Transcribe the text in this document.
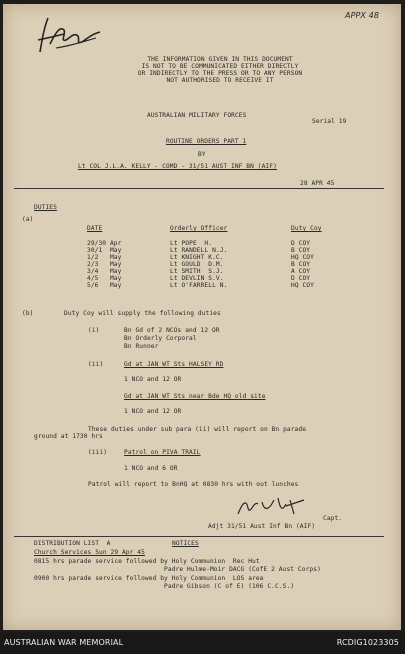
APPX 48
THE INFORMATION GIVEN IN THIS DOCUMENT
IS NOT TO BE COMMUNICATED EITHER DIRECTLY
OR INDIRECTLY TO THE PRESS OR TO ANY PERSON
NOT AUTHORISED TO RECEIVE IT
AUSTRALIAN MILITARY FORCES
Serial 19
ROUTINE ORDERS PART 1
BY
Lt COL J.L.A. KELLY - COMD - 31/51 AUST INF BN (AIF)
28 APR 45
DUTIES
(a)
DATE	Orderly Officer	Duty Coy
29/30 Apr	Lt POPE  H.	D COY
30/1  May	Lt RANDELL N.J.	B COY
1/2   May	Lt KNIGHT K.C.	HQ COY
2/3   May	Lt GOULD  D.M.	B COY
3/4   May	Lt SMITH  S.J.	A COY
4/5   May	Lt DEVLIN S.V.	D COY
5/6   May	Lt O'FARRELL N.	HQ COY
(b)	Duty Coy will supply the following duties
(i)	Bn Gd of 2 NCOs and 12 OR
Bn Orderly Corporal
Bn Runner
(ii)	Gd at JAN WT Sts HALSEY RD
1 NCO and 12 OR
Gd at JAN WT Sts near Bde HQ old site
1 NCO and 12 OR
These duties under sub para (ii) will report on Bn parade
ground at 1730 hrs
(iii)	Patrol on PIVA TRAIL
1 NCO and 6 OR
Patrol will report to BnHQ at 0830 hrs with out lunches
Capt.
Adjt 31/51 Aust Inf Bn (AIF)
DISTRIBUTION LIST  A	NOTICES
Church Services Sun 29 Apr 45
0815 hrs parade service followed by Holy Communion  Rec Hut
Padre Hulme-Moir DACG (CofE 2 Aust Corps)
0900 hrs parade service followed by Holy Communion  LOS area
Padre Gibson (C of E) (106 C.C.S.)
AUSTRALIAN WAR MEMORIAL	RCDIG1023305
